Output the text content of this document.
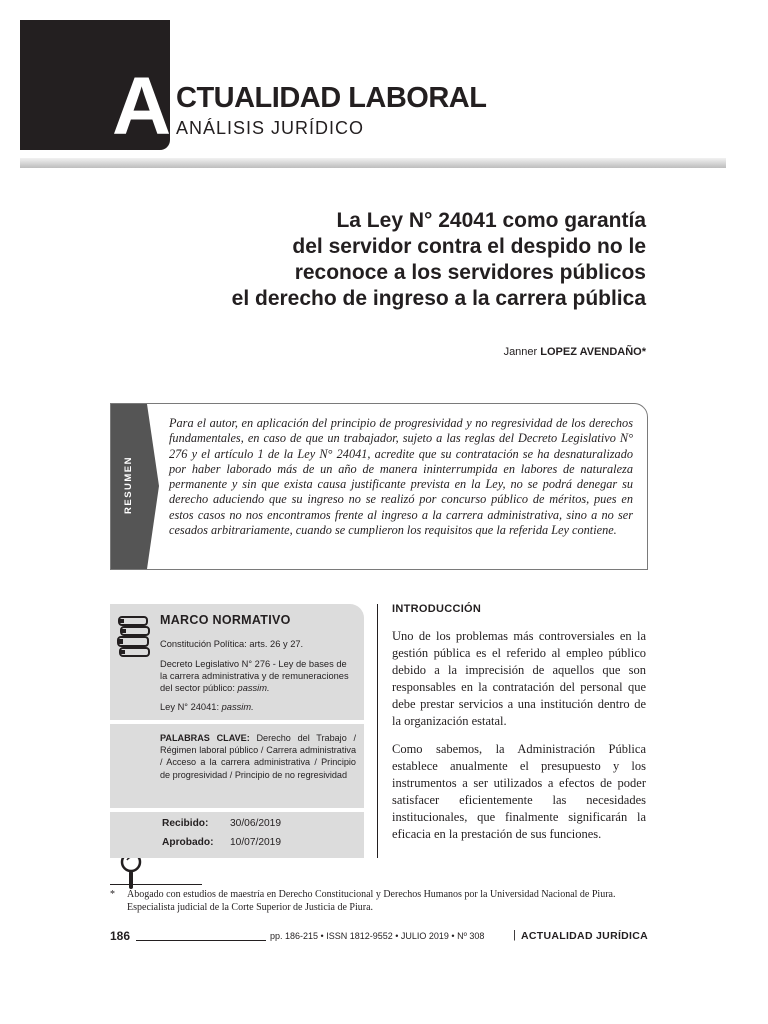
A CTUALIDAD LABORAL
ANÁLISIS JURÍDICO
La Ley N° 24041 como garantía
del servidor contra el despido no le
reconoce a los servidores públicos
el derecho de ingreso a la carrera pública
Janner LOPEZ AVENDAÑO*
RESUMEN
Para el autor, en aplicación del principio de progresividad y no regresividad de los derechos fundamentales, en caso de que un trabajador, sujeto a las reglas del Decreto Legislativo N° 276 y el artículo 1 de la Ley N° 24041, acredite que su contratación se ha desnaturalizado por haber laborado más de un año de manera ininterrumpida en labores de naturaleza permanente y sin que exista causa justificante prevista en la Ley, no se podrá denegar su derecho aduciendo que su ingreso no se realizó por concurso público de méritos, pues en estos casos no nos encontramos frente al ingreso a la carrera administrativa, sino a no ser cesados arbitrariamente, cuando se cumplieron los requisitos que la referida Ley contiene.
MARCO NORMATIVO
Constitución Política: arts. 26 y 27.
Decreto Legislativo N° 276 - Ley de bases de la carrera administrativa y de remuneraciones del sector público: passim.
Ley N° 24041: passim.
PALABRAS CLAVE: Derecho del Trabajo / Régimen laboral público / Carrera administrativa / Acceso a la carrera administrativa / Principio de progresividad / Principio de no regresividad
Recibido: 30/06/2019
Aprobado: 10/07/2019
INTRODUCCIÓN
Uno de los problemas más controversiales en la gestión pública es el referido al empleo público debido a la imprecisión de aquellos que son responsables en la contratación del personal que debe prestar servicios a una institución dentro de la organización estatal.
Como sabemos, la Administración Pública establece anualmente el presupuesto y los instrumentos a ser utilizados a efectos de poder satisfacer eficientemente las necesidades institucionales, que finalmente significarán la eficacia en la prestación de sus funciones.
* Abogado con estudios de maestría en Derecho Constitucional y Derechos Humanos por la Universidad Nacional de Piura. Especialista judicial de la Corte Superior de Justicia de Piura.
186	pp. 186-215 • ISSN 1812-9552 • JULIO 2019 • Nº 308	| ACTUALIDAD JURÍDICA
